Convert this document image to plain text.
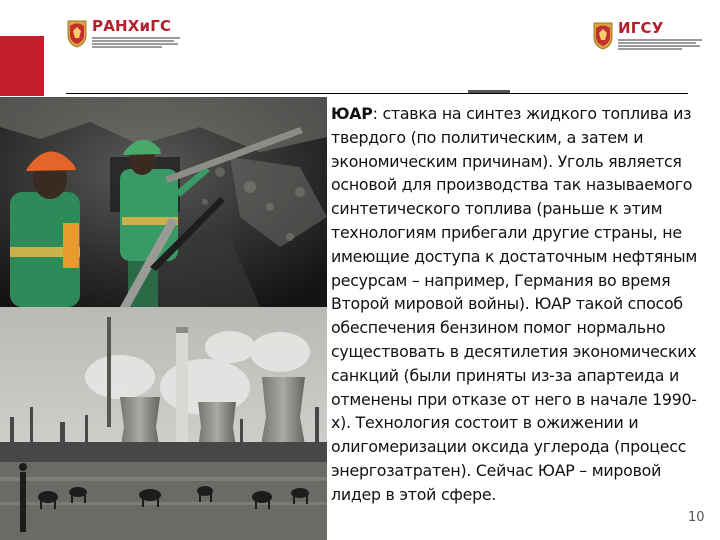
РАНХиГС	ИГСУ

ЮАР: ставка на синтез жидкого топлива из твердого (по политическим, а затем и экономическим причинам). Уголь является основой для производства так называемого синтетического топлива (раньше к этим технологиям прибегали другие страны, не имеющие доступа к достаточным нефтяным ресурсам – например, Германия во время Второй мировой войны). ЮАР такой способ обеспечения бензином помог нормально существовать в десятилетия экономических санкций (были приняты из-за апартеида и отменены при отказе от него в начале 1990-х). Технология состоит в ожижении и олигомеризации оксида углерода (процесс энергозатратен). Сейчас ЮАР – мировой лидер в этой сфере.

10
